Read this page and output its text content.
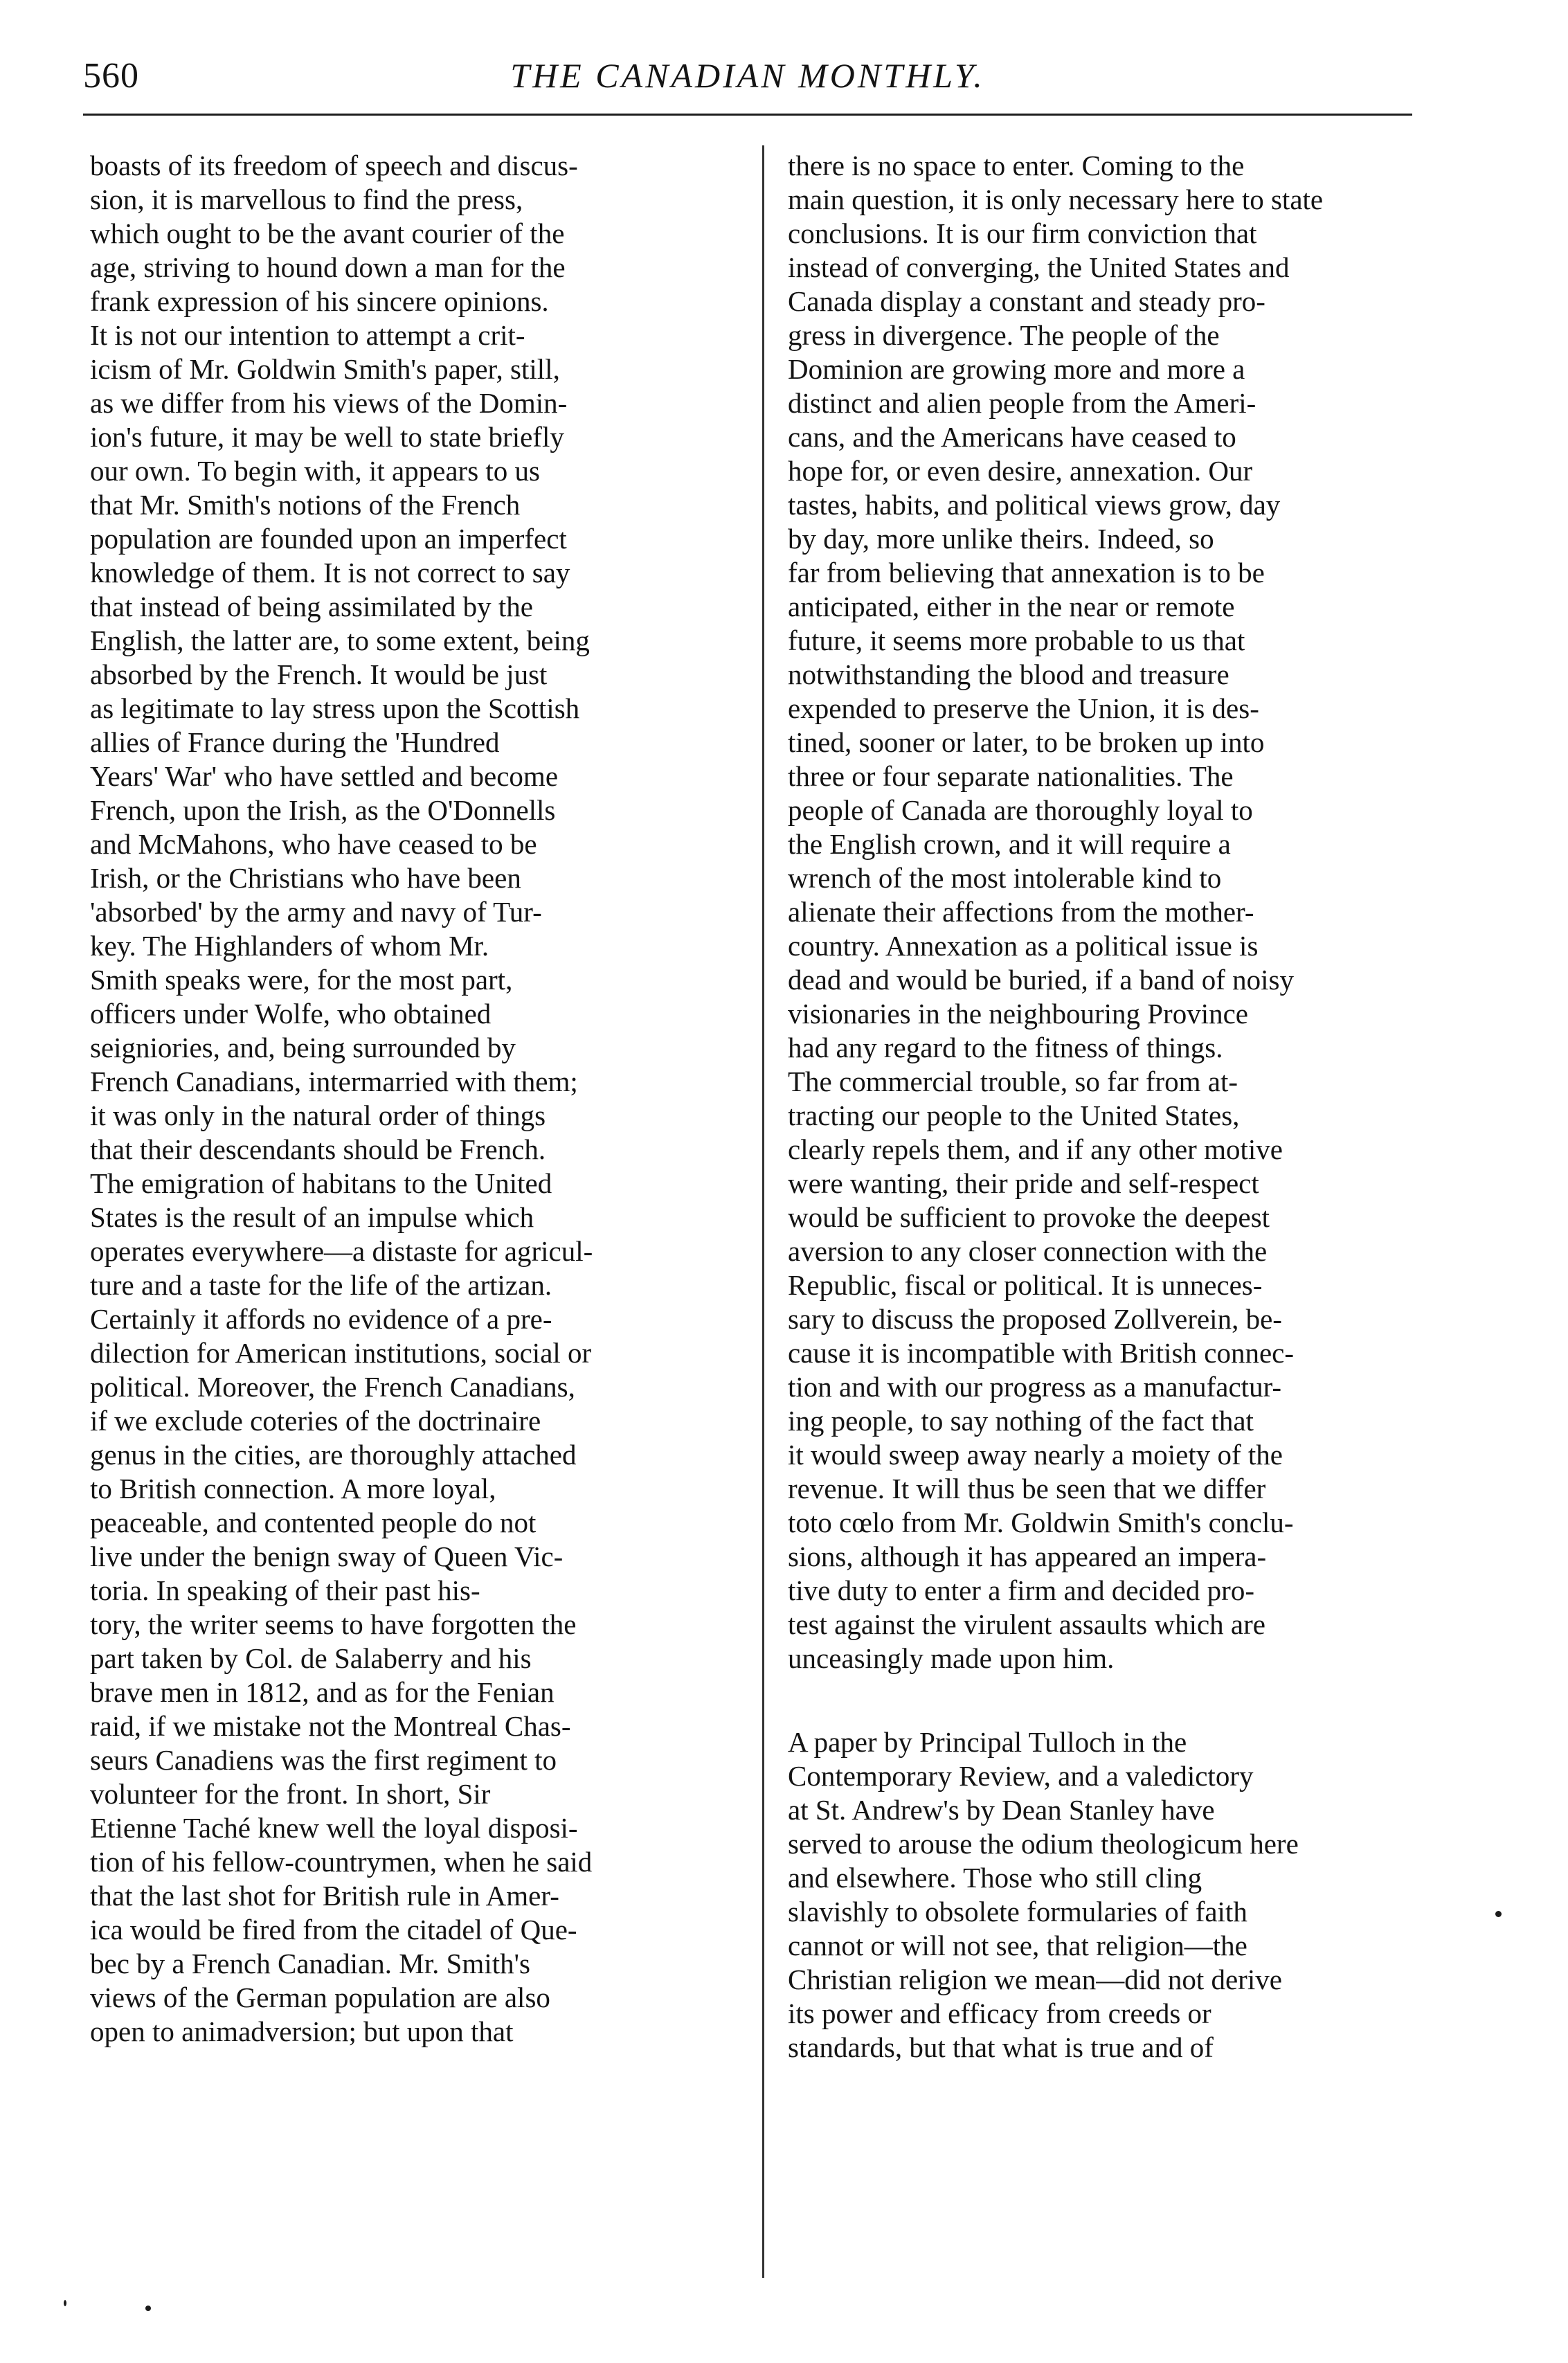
560	THE CANADIAN MONTHLY.
boasts of its freedom of speech and discus-
sion, it is marvellous to find the press,
which ought to be the avant courier of the
age, striving to hound down a man for the
frank expression of his sincere opinions.
It is not our intention to attempt a crit-
icism of Mr. Goldwin Smith's paper, still,
as we differ from his views of the Domin-
ion's future, it may be well to state briefly
our own. To begin with, it appears to us
that Mr. Smith's notions of the French
population are founded upon an imperfect
knowledge of them. It is not correct to say
that instead of being assimilated by the
English, the latter are, to some extent, being
absorbed by the French. It would be just
as legitimate to lay stress upon the Scottish
allies of France during the 'Hundred
Years' War' who have settled and become
French, upon the Irish, as the O'Donnells
and McMahons, who have ceased to be
Irish, or the Christians who have been
'absorbed' by the army and navy of Tur-
key. The Highlanders of whom Mr.
Smith speaks were, for the most part,
officers under Wolfe, who obtained
seigniories, and, being surrounded by
French Canadians, intermarried with them;
it was only in the natural order of things
that their descendants should be French.
The emigration of habitans to the United
States is the result of an impulse which
operates everywhere—a distaste for agricul-
ture and a taste for the life of the artizan.
Certainly it affords no evidence of a pre-
dilection for American institutions, social or
political. Moreover, the French Canadians,
if we exclude coteries of the doctrinaire
genus in the cities, are thoroughly attached
to British connection. A more loyal,
peaceable, and contented people do not
live under the benign sway of Queen Vic-
toria. In speaking of their past his-
tory, the writer seems to have forgotten the
part taken by Col. de Salaberry and his
brave men in 1812, and as for the Fenian
raid, if we mistake not the Montreal Chas-
seurs Canadiens was the first regiment to
volunteer for the front. In short, Sir
Etienne Taché knew well the loyal disposi-
tion of his fellow-countrymen, when he said
that the last shot for British rule in Amer-
ica would be fired from the citadel of Que-
bec by a French Canadian. Mr. Smith's
views of the German population are also
open to animadversion; but upon that
there is no space to enter. Coming to the
main question, it is only necessary here to state
conclusions. It is our firm conviction that
instead of converging, the United States and
Canada display a constant and steady pro-
gress in divergence. The people of the
Dominion are growing more and more a
distinct and alien people from the Ameri-
cans, and the Americans have ceased to
hope for, or even desire, annexation. Our
tastes, habits, and political views grow, day
by day, more unlike theirs. Indeed, so
far from believing that annexation is to be
anticipated, either in the near or remote
future, it seems more probable to us that
notwithstanding the blood and treasure
expended to preserve the Union, it is des-
tined, sooner or later, to be broken up into
three or four separate nationalities. The
people of Canada are thoroughly loyal to
the English crown, and it will require a
wrench of the most intolerable kind to
alienate their affections from the mother-
country. Annexation as a political issue is
dead and would be buried, if a band of noisy
visionaries in the neighbouring Province
had any regard to the fitness of things.
The commercial trouble, so far from at-
tracting our people to the United States,
clearly repels them, and if any other motive
were wanting, their pride and self-respect
would be sufficient to provoke the deepest
aversion to any closer connection with the
Republic, fiscal or political. It is unneces-
sary to discuss the proposed Zollverein, be-
cause it is incompatible with British connec-
tion and with our progress as a manufactur-
ing people, to say nothing of the fact that
it would sweep away nearly a moiety of the
revenue. It will thus be seen that we differ
toto cœlo from Mr. Goldwin Smith's conclu-
sions, although it has appeared an impera-
tive duty to enter a firm and decided pro-
test against the virulent assaults which are
unceasingly made upon him.
A paper by Principal Tulloch in the
Contemporary Review, and a valedictory
at St. Andrew's by Dean Stanley have
served to arouse the odium theologicum here
and elsewhere. Those who still cling
slavishly to obsolete formularies of faith
cannot or will not see, that religion—the
Christian religion we mean—did not derive
its power and efficacy from creeds or
standards, but that what is true and of
